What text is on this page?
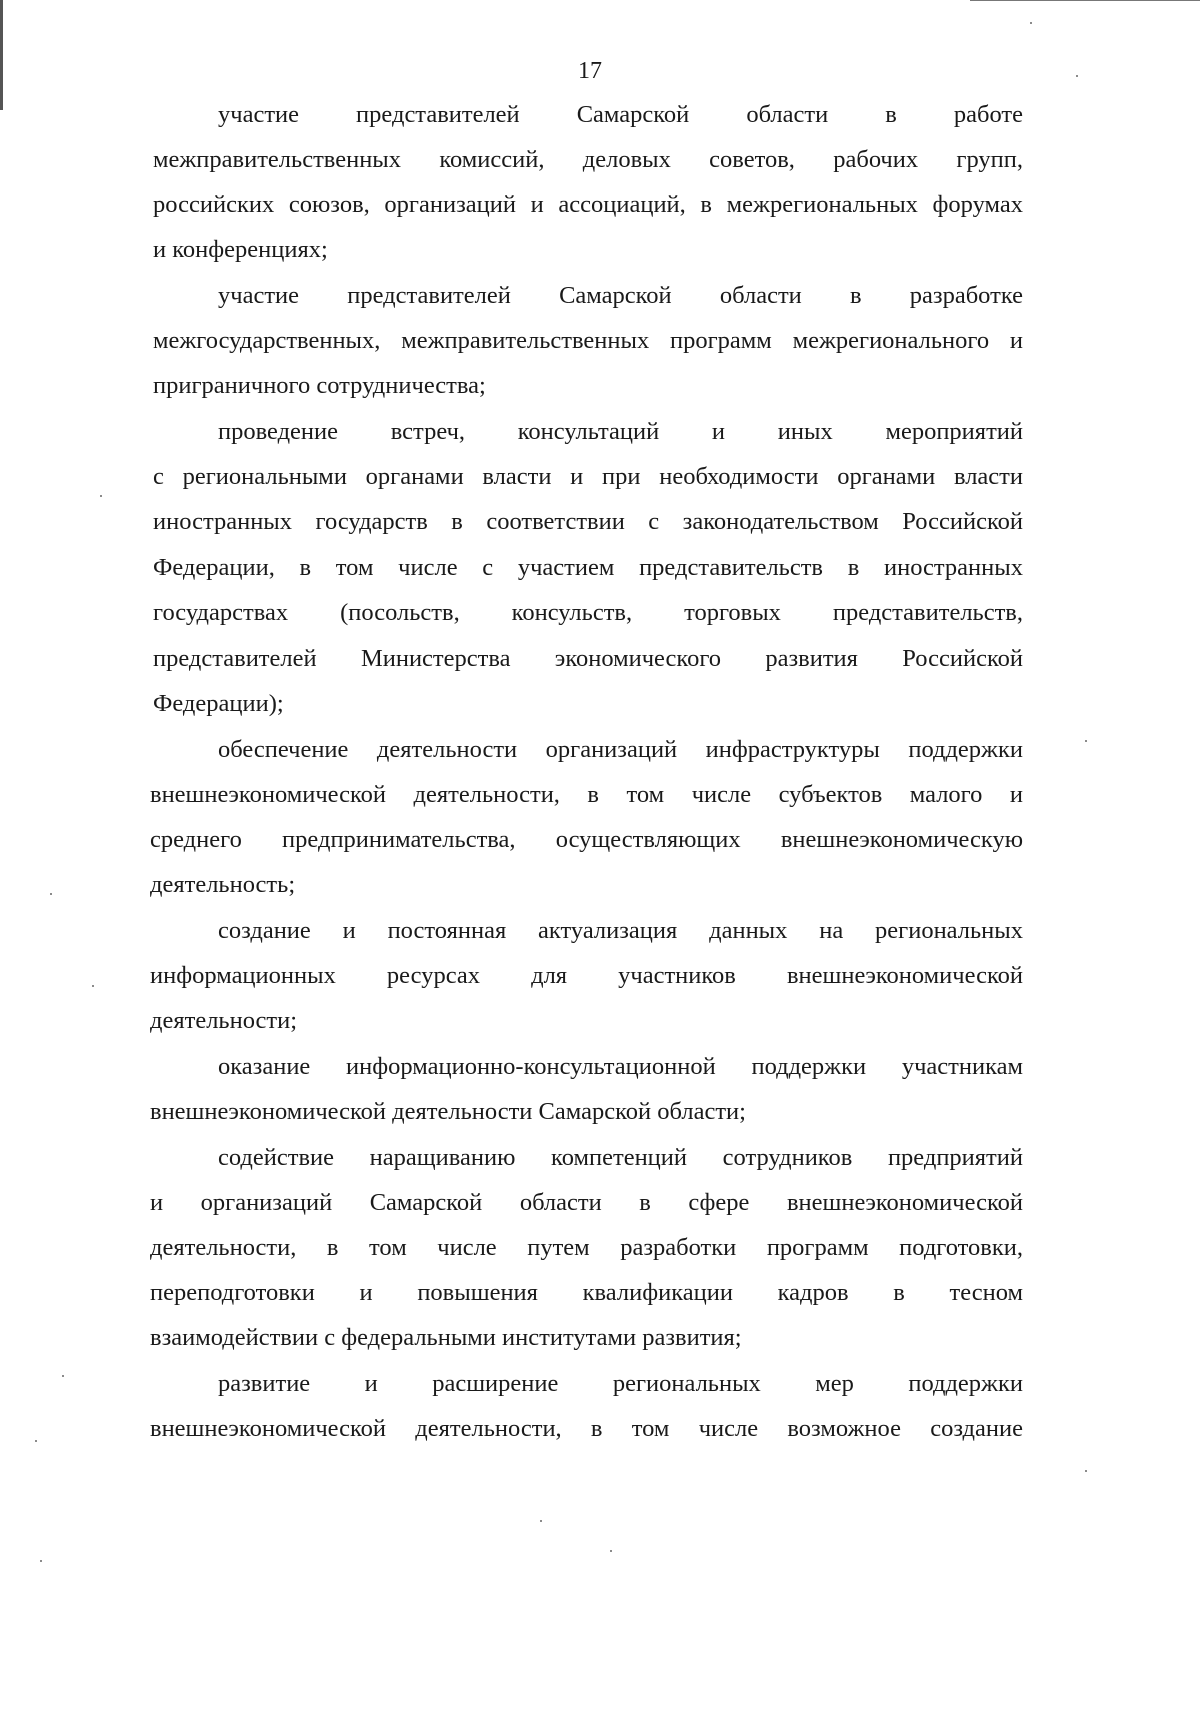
17
участие представителей Самарской области в работе
межправительственных комиссий, деловых советов, рабочих групп,
российских союзов, организаций и ассоциаций, в межрегиональных форумах
и конференциях;
участие представителей Самарской области в разработке
межгосударственных, межправительственных программ межрегионального и
приграничного сотрудничества;
проведение встреч, консультаций и иных мероприятий
с региональными органами власти и при необходимости органами власти
иностранных государств в соответствии с законодательством Российской
Федерации, в том числе с участием представительств в иностранных
государствах (посольств, консульств, торговых представительств,
представителей Министерства экономического развития Российской
Федерации);
обеспечение деятельности организаций инфраструктуры поддержки
внешнеэкономической деятельности, в том числе субъектов малого и
среднего предпринимательства, осуществляющих внешнеэкономическую
деятельность;
создание и постоянная актуализация данных на региональных
информационных ресурсах для участников внешнеэкономической
деятельности;
оказание информационно-консультационной поддержки участникам
внешнеэкономической деятельности Самарской области;
содействие наращиванию компетенций сотрудников предприятий
и организаций Самарской области в сфере внешнеэкономической
деятельности, в том числе путем разработки программ подготовки,
переподготовки и повышения квалификации кадров в тесном
взаимодействии с федеральными институтами развития;
развитие и расширение региональных мер поддержки
внешнеэкономической деятельности, в том числе возможное создание
